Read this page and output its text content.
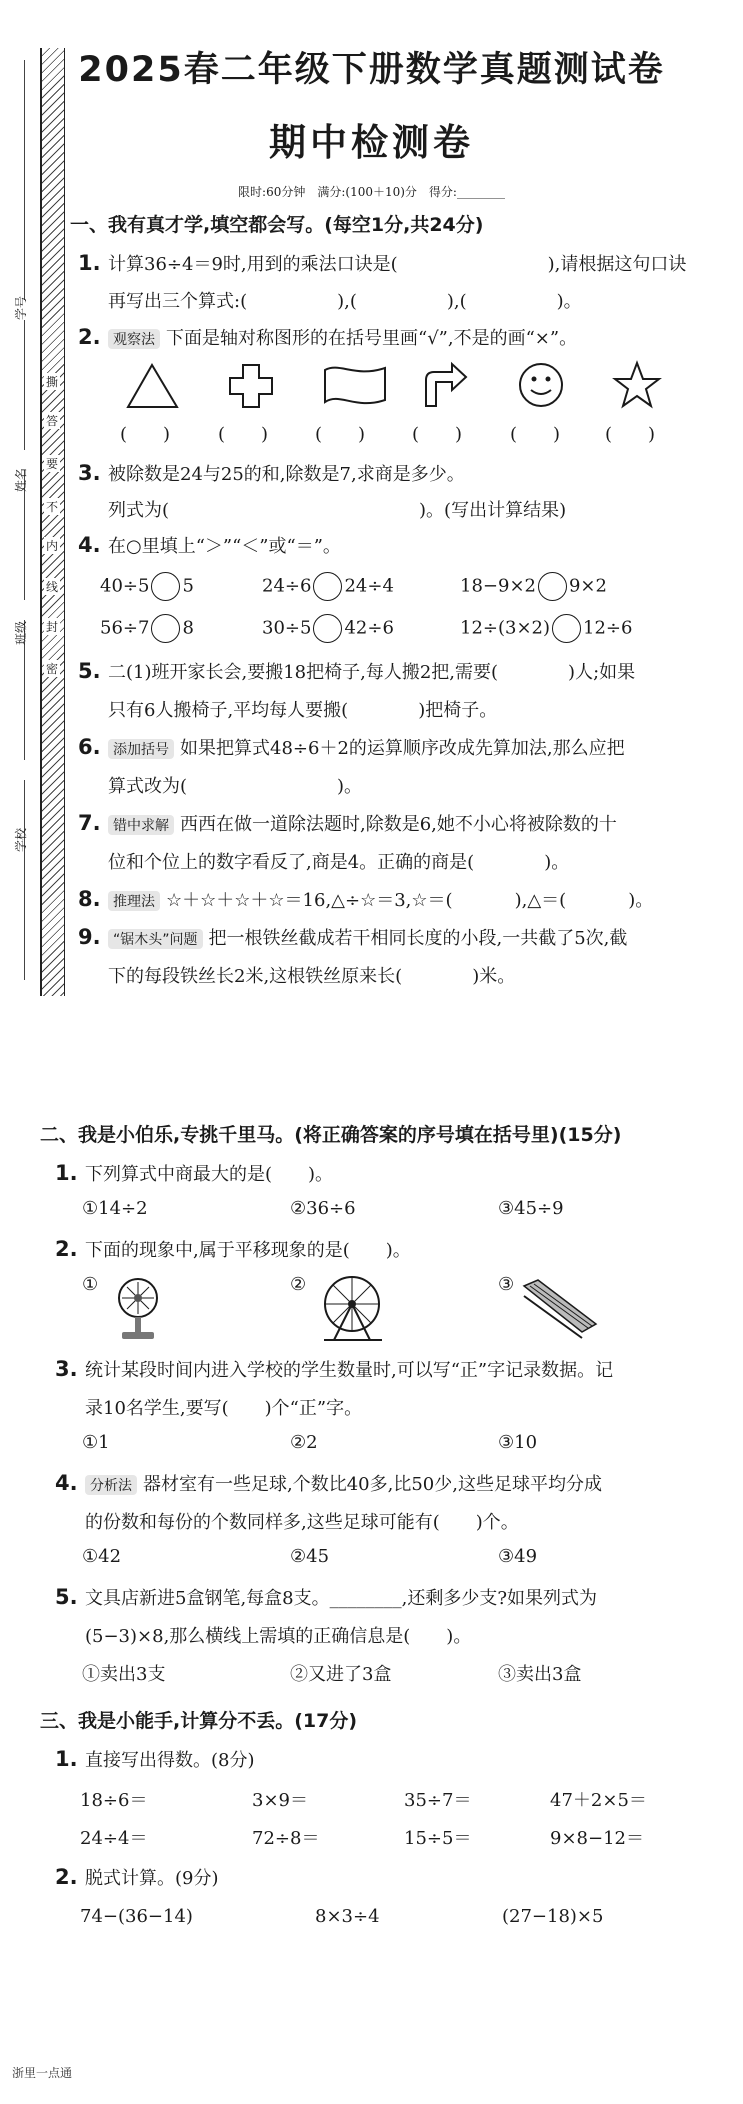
学号
姓名
班级
学校
撕
答
要
不
内
线
封
密
2025春二年级下册数学真题测试卷
期中检测卷
限时:60分钟　满分:(100＋10)分　得分:________
一、我有真才学,填空都会写。(每空1分,共24分)
1. 计算36÷4＝9时,用到的乘法口诀是(	),请根据这句口诀
再写出三个算式:(	),(	),(	)。
2. 观察法 下面是轴对称图形的在括号里画“√”,不是的画“×”。
(　　)	(　　)	(　　)	(　　)	(　　) (　　)
3. 被除数是24与25的和,除数是7,求商是多少。
列式为(	)。(写出计算结果)
4. 在○里填上“＞”“＜”或“＝”。
40÷5 5	24÷6 24÷4	18−9×2 9×2
56÷7 8	30÷5 42÷6	12÷(3×2) 12÷6
5. 二(1)班开家长会,要搬18把椅子,每人搬2把,需要(	)人;如果
只有6人搬椅子,平均每人要搬(	)把椅子。
6. 添加括号 如果把算式48÷6＋2的运算顺序改成先算加法,那么应把
算式改为(	)。
7. 错中求解 西西在做一道除法题时,除数是6,她不小心将被除数的十
位和个位上的数字看反了,商是4。正确的商是(	)。
8. 推理法 ☆＋☆＋☆＋☆＝16,△÷☆＝3,☆＝(	),△＝(	)。
9. “锯木头”问题 把一根铁丝截成若干相同长度的小段,一共截了5次,截
下的每段铁丝长2米,这根铁丝原来长(	)米。
二、我是小伯乐,专挑千里马。(将正确答案的序号填在括号里)(15分)
1. 下列算式中商最大的是(　　)。
①14÷2	②36÷6	③45÷9
2. 下面的现象中,属于平移现象的是(　　)。
①	②	③
3. 统计某段时间内进入学校的学生数量时,可以写“正”字记录数据。记
录10名学生,要写(　　)个“正”字。
①1	②2	③10
4. 分析法 器材室有一些足球,个数比40多,比50少,这些足球平均分成
的份数和每份的个数同样多,这些足球可能有(　　)个。
①42	②45	③49
5. 文具店新进5盒钢笔,每盒8支。________,还剩多少支?如果列式为
(5−3)×8,那么横线上需填的正确信息是(　　)。
①卖出3支	②又进了3盒	③卖出3盒
三、我是小能手,计算分不丢。(17分)
1. 直接写出得数。(8分)
18÷6＝	3×9＝	35÷7＝	47＋2×5＝
24÷4＝	72÷8＝	15÷5＝	9×8−12＝
2. 脱式计算。(9分)
74−(36−14)	8×3÷4	(27−18)×5
浙里一点通
